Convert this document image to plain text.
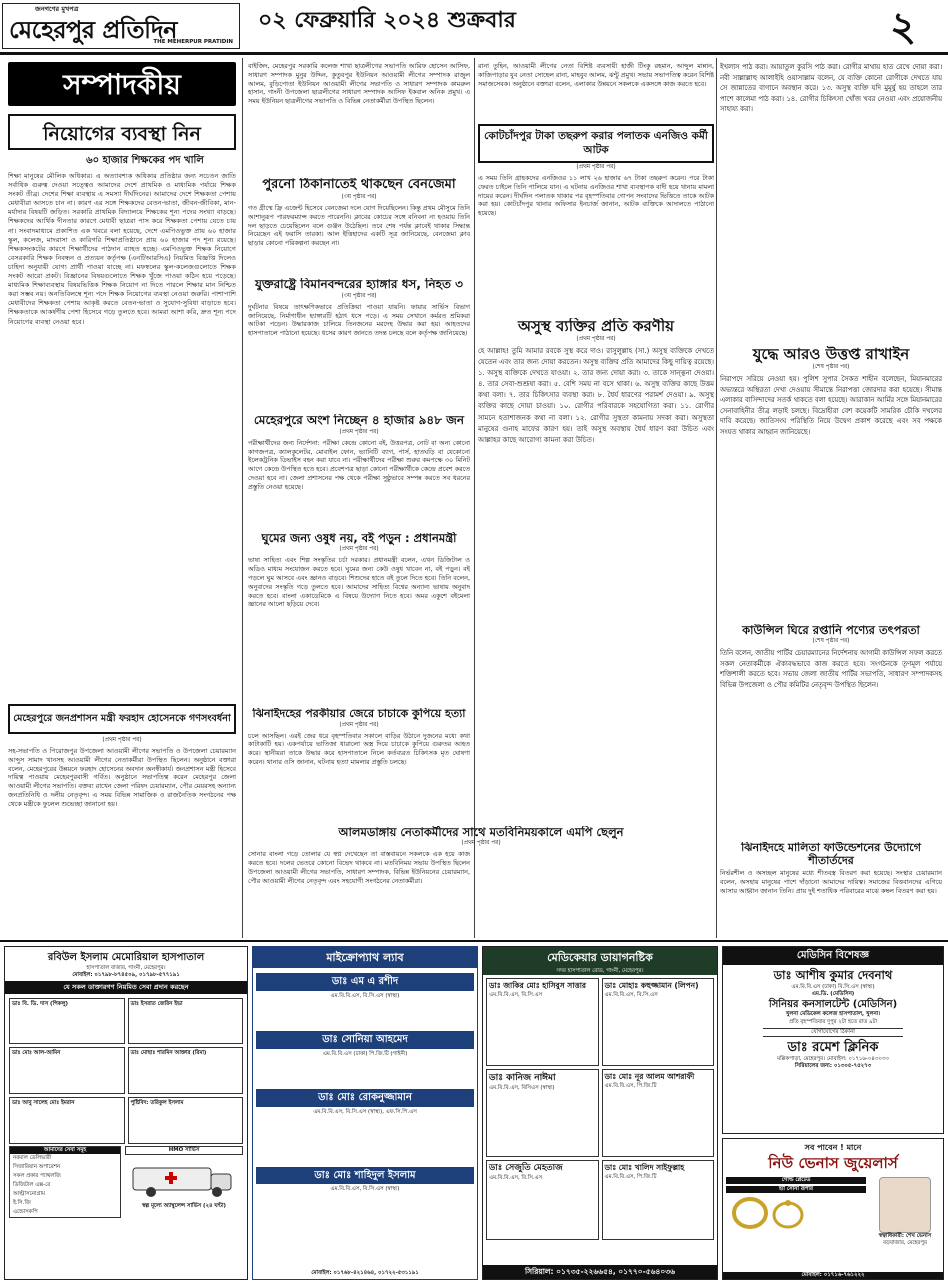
জনগণের মুখপত্র
মেহেরপুর প্রতিদিন
THE MEHERPUR PRATIDIN
০২ ফেব্রুয়ারি ২০২৪ শুক্রবার	২
সম্পাদকীয়
নিয়োগের ব্যবস্থা নিন
৬০ হাজার শিক্ষকের পদ খালি
শিক্ষা মানুষের মৌলিক অধিকার। এ অত্যাবশ্যক অধিকার প্রতিষ্ঠার জন্য সচেতন জাতি সর্বাধিক গুরুত্ব দেওয়া সত্ত্বেও আমাদের দেশে প্রাথমিক ও মাধ্যমিক পর্যায়ে শিক্ষক সংকট তীব্র। দেশের শিক্ষা ব্যবস্থায় এ সমস্যা দীর্ঘদিনের। আমাদের দেশে শিক্ষকতা পেশায় মেধাবীরা আসতে চান না। কারণ এর সঙ্গে শিক্ষকদের বেতন-ভাতা, জীবন-জীবিকা, মান-মর্যাদার বিষয়টি জড়িত। সরকারি প্রাথমিক বিদ্যালয়ে শিক্ষকের শূন্য পদের সংখ্যা বাড়ছে। শিক্ষকদের আর্থিক দীনতার কারণে মেধাবী ছাত্ররা পাস করে শিক্ষকতা পেশায় যেতে চায় না। সংবাদমাধ্যমে প্রকাশিত এক খবরে বলা হয়েছে, দেশে এমপিওভুক্ত প্রায় ৬০ হাজার স্কুল, কলেজ, মাদরাসা ও কারিগরি শিক্ষাপ্রতিষ্ঠানে প্রায় ৬০ হাজার পদ শূন্য রয়েছে। শিক্ষকসংকটের কারণে শিক্ষার্থীদের পাঠদান ব্যাহত হচ্ছে। এমপিওভুক্ত শিক্ষক নিয়োগে বেসরকারি শিক্ষক নিবন্ধন ও প্রত্যয়ন কর্তৃপক্ষ (এনটিআরসিএ) নিয়মিত বিজ্ঞপ্তি দিলেও চাহিদা অনুযায়ী যোগ্য প্রার্থী পাওয়া যাচ্ছে না। মফস্বলের স্কুল-কলেজগুলোতে শিক্ষক সংকট আরো প্রকট। বিজ্ঞানের বিষয়গুলোতে শিক্ষক খুঁজে পাওয়া কঠিন হয়ে পড়েছে। মাধ্যমিক শিক্ষাব্যবস্থায় বিষয়ভিত্তিক শিক্ষক নিয়োগ না দিতে পারলে শিক্ষার মান নিশ্চিত করা সম্ভব নয়। অনতিবিলম্বে শূন্য পদে শিক্ষক নিয়োগের ব্যবস্থা নেওয়া জরুরি। পাশাপাশি মেধাবীদের শিক্ষকতা পেশায় আকৃষ্ট করতে বেতন-ভাতা ও সুযোগ-সুবিধা বাড়াতে হবে। শিক্ষকতাকে আকর্ষণীয় পেশা হিসেবে গড়ে তুলতে হবে। আমরা আশা করি, দ্রুত শূন্য পদে নিয়োগের ব্যবস্থা নেওয়া হবে।
মেহেরপুরে জনপ্রশাসন মন্ত্রী ফরহাদ হোসেনকে গণসংবর্ধনা
(প্রথম পৃষ্ঠার পর)
সহ-সভাপতি ও পিরোজপুর উপজেলা আওয়ামী লীগের সভাপতি ও উপজেলা চেয়ারম্যান আব্দুস সামাদ খানসহ আওয়ামী লীগের নেতাকর্মীরা উপস্থিত ছিলেন। অনুষ্ঠানে বক্তারা বলেন, মেহেরপুরের উন্নয়নে ফরহাদ হোসেনের অবদান অনস্বীকার্য। জনপ্রশাসন মন্ত্রী হিসেবে দায়িত্ব পাওয়ায় মেহেরপুরবাসী গর্বিত। অনুষ্ঠানে সভাপতিত্ব করেন মেহেরপুর জেলা আওয়ামী লীগের সভাপতি। বক্তব্য রাখেন জেলা পরিষদ চেয়ারম্যান, পৌর মেয়রসহ অন্যান্য জনপ্রতিনিধি ও দলীয় নেতৃবৃন্দ। এ সময় বিভিন্ন সামাজিক ও রাজনৈতিক সংগঠনের পক্ষ থেকে মন্ত্রীকে ফুলেল শুভেচ্ছা জানানো হয়।
বাইজিদ, মেহেরপুর সরকারি কলেজ শাখা ছাত্রলীগের সভাপতি আরিফ হোসেন আসিফ, সাধারণ সম্পাদক মুনুর উদ্দিন, কুতুবপুর ইউনিয়ন আওয়ামী লীগের সম্পাদক রাজুল আলম, বুড়িপোতা ইউনিয়ন আওয়ামী লীগের সভাপতি ও সাধারণ সম্পাদক কামরুল হাসান, গাংনী উপজেলা ছাত্রলীগের সাধারণ সম্পাদক আসিফ ইকবাল অনিক প্রমুখ। এ সময় ইউনিয়ন ছাত্রলীগের সভাপতি ও বিভিন্ন নেতাকর্মীরা উপস্থিত ছিলেন।
পুরনো ঠিকানাতেই থাকছেন বেনজেমা
(৩য় পৃষ্ঠার পর)
গত গ্রীষ্মে ফ্রি এজেন্ট হিসেবে বেনজেমা দলে যোগ দিয়েছিলেন। কিন্তু প্রথম মৌসুমে তিনি আশানুরূপ পারফরম্যান্স করতে পারেননি। ক্লাবের কোচের সঙ্গে বনিবনা না হওয়ায় তিনি দল ছাড়তে চেয়েছিলেন বলে গুঞ্জন উঠেছিল। তবে শেষ পর্যন্ত ক্লাবেই থাকার সিদ্ধান্ত নিয়েছেন এই ফরাসি তারকা। আল ইত্তিহাদের একটি সূত্র জানিয়েছে, বেনজেমা ক্লাব ছাড়ার কোনো পরিকল্পনা করছেন না।
যুক্তরাষ্ট্রে বিমানবন্দরের হ্যাঙ্গার ধস, নিহত ৩
(৩য় পৃষ্ঠার পর)
দুর্ঘটনার বিষয়ে তাৎক্ষণিকভাবে প্রতিক্রিয়া পাওয়া যায়নি। ফায়ার সার্ভিস বিভাগ জানিয়েছে, নির্মাণাধীন হ্যাঙ্গারটি হঠাৎ ধসে পড়ে। এ সময় সেখানে কর্মরত শ্রমিকরা আটকা পড়েন। উদ্ধারকাজ চালিয়ে তিনজনের মরদেহ উদ্ধার করা হয়। আহতদের হাসপাতালে পাঠানো হয়েছে। ধসের কারণ জানতে তদন্ত চলছে বলে কর্তৃপক্ষ জানিয়েছে।
মেহেরপুরে অংশ নিচ্ছেন ৪ হাজার ৯৪৮ জন
(প্রথম পৃষ্ঠার পর)
পরীক্ষার্থীদের জন্য নির্দেশনা: পরীক্ষা কেন্দ্রে কোনো বই, উত্তরপত্র, নোট বা অন্য কোনো কাগজপত্র, ক্যালকুলেটর, মোবাইল ফোন, ভ্যানিটি ব্যাগ, পার্স, হাতঘড়ি বা যেকোনো ইলেকট্রনিক ডিভাইস বহন করা যাবে না। পরীক্ষার্থীদের পরীক্ষা শুরুর কমপক্ষে ৩০ মিনিট আগে কেন্দ্রে উপস্থিত হতে হবে। প্রবেশপত্র ছাড়া কোনো পরীক্ষার্থীকে কেন্দ্রে প্রবেশ করতে দেওয়া হবে না। জেলা প্রশাসনের পক্ষ থেকে পরীক্ষা সুষ্ঠুভাবে সম্পন্ন করতে সব ধরনের প্রস্তুতি নেওয়া হয়েছে।
ঘুমের জন্য ওষুধ নয়, বই পড়ুন : প্রধানমন্ত্রী
(প্রথম পৃষ্ঠার পর)
ভাষা সাহিত্য এবং শিল্প সংস্কৃতির চর্চা দরকার। প্রধানমন্ত্রী বলেন, এখন ডিজিটাল ও অডিও মাধ্যম সংযোজন করতে হবে। ঘুমের জন্য কেউ ওষুধ খাবেন না, বই পড়ুন। বই পড়লে ঘুম আসবে এবং জ্ঞানও বাড়বে। শিশুদের হাতে বই তুলে দিতে হবে। তিনি বলেন, অনুবাদের সংস্কৃতি গড়ে তুলতে হবে। আমাদের সাহিত্য বিশ্বের অন্যান্য ভাষায় অনুবাদ করতে হবে। বাংলা একাডেমিকে এ বিষয়ে উদ্যোগ নিতে হবে। অমর একুশে বইমেলা জ্ঞানের আলো ছড়িয়ে দেবে।
ঝিনাইদহের পরকীয়ার জেরে চাচাকে কুপিয়ে হত্যা
(প্রথম পৃষ্ঠার পর)
চলে আসছিল। এরই জের ধরে বৃহস্পতিবার সকালে বাড়ির উঠানে দুজনের মধ্যে কথা কাটাকাটি হয়। একপর্যায়ে ভাতিজা ধারালো অস্ত্র দিয়ে চাচাকে কুপিয়ে গুরুতর আহত করে। স্থানীয়রা তাকে উদ্ধার করে হাসপাতালে নিলে কর্তব্যরত চিকিৎসক মৃত ঘোষণা করেন। থানার ওসি জানান, ঘটনায় হত্যা মামলার প্রস্তুতি চলছে।
আলমডাঙ্গায় নেতাকর্মীদের সাথে মতবিনিময়কালে এমপি ছেলুন
(প্রথম পৃষ্ঠার পর)
সোনার বাংলা গড়ে তোলার যে স্বপ্ন দেখেছেন তা বাস্তবায়নে সকলকে এক হয়ে কাজ করতে হবে। দলের ভেতরে কোনো বিভেদ থাকবে না। মতবিনিময় সভায় উপস্থিত ছিলেন উপজেলা আওয়ামী লীগের সভাপতি, সাধারণ সম্পাদক, বিভিন্ন ইউনিয়নের চেয়ারম্যান, পৌর আওয়ামী লীগের নেতৃবৃন্দ এবং সহযোগী সংগঠনের নেতাকর্মীরা।
রানা তুহিন, আওয়ামী লীগের নেতা বিশিষ্ট ব্যবসায়ী হাজী টিংকু রহমান, আব্দুল মান্নান, কাজিপাড়ার যুব নেতা সোহেল রানা, মাহবুব আলম, ঝন্টু প্রমুখ। সভায় সভাপতিত্ব করেন বিশিষ্ট সমাজসেবক। অনুষ্ঠানে বক্তারা বলেন, এলাকার উন্নয়নে সকলকে একসঙ্গে কাজ করতে হবে।
কোটচাঁদপুর টাকা তছরুপ করার পলাতক এনজিও কর্মী আটক
(প্রথম পৃষ্ঠার পর)
এ সময় তিনি গ্রাহকদের এনজিওর ১১ লাখ ২৬ হাজার ৬৭ টাকা তছরুপ করেন। পরে টাকা ফেরত চাইলে তিনি পালিয়ে যান। এ ঘটনায় এনজিওর শাখা ব্যবস্থাপক বাদী হয়ে থানায় মামলা দায়ের করেন। দীর্ঘদিন পলাতক থাকার পর বৃহস্পতিবার গোপন সংবাদের ভিত্তিতে তাকে আটক করা হয়। কোটচাঁদপুর থানার অফিসার ইনচার্জ জানান, আটক ব্যক্তিকে আদালতে পাঠানো হয়েছে।
অসুস্থ ব্যক্তির প্রতি করণীয়
(প্রথম পৃষ্ঠার পর)
হে আল্লাহ! তুমি আমার রবকে সুস্থ করে দাও। রাসুলুল্লাহ (সা.) অসুস্থ ব্যক্তিকে দেখতে যেতেন এবং তার জন্য দোয়া করতেন। অসুস্থ ব্যক্তির প্রতি আমাদের কিছু দায়িত্ব রয়েছে। ১. অসুস্থ ব্যক্তিকে দেখতে যাওয়া। ২. তার জন্য দোয়া করা। ৩. তাকে সান্ত্বনা দেওয়া। ৪. তার সেবা-শুশ্রূষা করা। ৫. বেশি সময় না বসে থাকা। ৬. অসুস্থ ব্যক্তির কাছে উত্তম কথা বলা। ৭. তার চিকিৎসার ব্যবস্থা করা। ৮. ধৈর্য ধারণের পরামর্শ দেওয়া। ৯. অসুস্থ ব্যক্তির কাছে দোয়া চাওয়া। ১০. রোগীর পরিবারকে সহযোগিতা করা। ১১. রোগীর সামনে হতাশাজনক কথা না বলা। ১২. রোগীর সুস্থতা কামনায় সদকা করা। অসুস্থতা মানুষের গুনাহ মাফের কারণ হয়। তাই অসুস্থ অবস্থায় ধৈর্য ধারণ করা উচিত এবং আল্লাহর কাছে আরোগ্য কামনা করা উচিত।
ইখলাস পাঠ করা। আয়াতুল কুরসি পাঠ করা। রোগীর মাথায় হাত রেখে দোয়া করা। নবী সাল্লাল্লাহু আলাইহি ওয়াসাল্লাম বলেন, যে ব্যক্তি কোনো রোগীকে দেখতে যায় সে জান্নাতের বাগানে অবস্থান করে। ১৩. অসুস্থ ব্যক্তি যদি মুমূর্ষু হয় তাহলে তার পাশে কালেমা পাঠ করা। ১৪. রোগীর চিকিৎসা খোঁজ খবর নেওয়া এবং প্রয়োজনীয় সাহায্য করা।
যুদ্ধে আরও উত্তপ্ত রাখাইন
(শেষ পৃষ্ঠার পর)
নিরাপদে সরিয়ে নেওয়া হয়। পুলিশ সুপার সৈকত শাহীন বলেছেন, মিয়ানমারের অভ্যন্তরে অস্থিরতা দেখা দেওয়ায় সীমান্তে নিরাপত্তা জোরদার করা হয়েছে। সীমান্ত এলাকার বাসিন্দাদের সতর্ক থাকতে বলা হয়েছে। আরাকান আর্মির সঙ্গে মিয়ানমারের সেনাবাহিনীর তীব্র লড়াই চলছে। বিদ্রোহীরা বেশ কয়েকটি সামরিক চৌকি দখলের দাবি করেছে। জাতিসংঘ পরিস্থিতি নিয়ে উদ্বেগ প্রকাশ করেছে এবং সব পক্ষকে সংযত থাকার আহ্বান জানিয়েছে।
কাউন্সিল ঘিরে রপ্তানি পণ্যের তৎপরতা
(শেষ পৃষ্ঠার পর)
তিনি বলেন, জাতীয় পার্টির চেয়ারম্যানের নির্দেশনায় আগামী কাউন্সিল সফল করতে সকল নেতাকর্মীকে ঐক্যবদ্ধভাবে কাজ করতে হবে। সংগঠনকে তৃণমূল পর্যায়ে শক্তিশালী করতে হবে। সভায় জেলা জাতীয় পার্টির সভাপতি, সাধারণ সম্পাদকসহ বিভিন্ন উপজেলা ও পৌর কমিটির নেতৃবৃন্দ উপস্থিত ছিলেন।
ঝিনাইদহে মালিতা ফাউন্ডেশনের উদ্যোগে শীতার্তদের
নির্ভরশীল ও অসচ্ছল মানুষের মধ্যে শীতবস্ত্র বিতরণ করা হয়েছে। সংস্থার চেয়ারম্যান বলেন, অসহায় মানুষের পাশে দাঁড়ানো আমাদের দায়িত্ব। সমাজের বিত্তবানদের এগিয়ে আসার আহ্বান জানান তিনি। প্রায় দুই শতাধিক পরিবারের মাঝে কম্বল বিতরণ করা হয়।
রবিউল ইসলাম মেমোরিয়াল হাসপাতাল
হাসপাতাল বাজার, গাংনী, মেহেরপুর।
মোবাইল: ০১৭৯৮-৮৭৪৫০৯, ০১৭৯৮-৫৭৭১৯১
যে সকল ডাক্তারগণ নিয়মিত সেবা প্রদান করছেন
ডাঃ বি. ডি. দাস (পিকলু)	ডাঃ ইসরাত জেরিন ইভা
ডাঃ মোঃ আল-আমিন	ডাঃ মোছাঃ শারমিন আক্তার (রিমা)
ডাঃ আবু সালেহ মোঃ ইমরান	পুষ্টিবিদ: তরিকুল ইসলাম
আমাদের সেবা সমূহ
নরমাল ডেলিভারী
সিজারিয়ান অপারেশন
সকল প্রকার প্যাথলজি
ডিজিটাল এক্স-রে
আল্ট্রাসনোগ্রাম
ই.সি.জি
এন্ডোসকপি
HMO সার্ভিস
স্বল্প মূল্যে অ্যাম্বুলেন্স সার্ভিস (২৪ ঘন্টা)
মাইক্রোপ্যাথ ল্যাব
ডাঃ এম এ রশীদ
এম.বি.বি.এস, বি.সি.এস (স্বাস্থ্য)
ডাঃ সোনিয়া আহমেদ
এম.বি.বি.এস (ঢাকা) পি.জি.টি (গাইনী)
ডাঃ মোঃ রোকনুজ্জামান
এম.বি.বি.এস, বি.সি.এস (স্বাস্থ্য), এফ.সি.পি.এস
ডাঃ মোঃ শাহিদুল ইসলাম
এম.বি.বি.এস, বি.সি.এস (স্বাস্থ্য)
মোবাইল: ০১৭৬৮-৪২১৪৬৪, ০১৭২২-৫৩১১৯১
মেডিকেয়ার ডায়াগনষ্টিক
সদর হাসপাতাল রোড, গাংনী, মেহেরপুর।
ডাঃ জাকির মোঃ হাসিবুস সাত্তার
এম.বি.বি.এস, বি.সি.এস
ডাঃ মোহাঃ কহুজ্জামান (লিপন)
এম.বি.বি.এস, বি.সি.এস
ডাঃ কানিজ নাঈমা
এম.বি.বি.এস, বিসিএস (স্বাস্থ্য)
ডাঃ মোঃ নূর আলম আশরাফী
এম.বি.বি.এস, পি.জি.টি
ডাঃ সেজুতি মেহতাজ
এম.বি.বি.এস, বি.সি.এস
ডাঃ মোঃ খালিদ সাইফুল্লাহ
এম.বি.বি.এস, পি.জি.টি
সিরিয়াল: ০১৭৩৫-২২৬৬৫৪, ০১৭৭০-৫৬৪০৩৬
মেডিসিন বিশেষজ্ঞ
ডাঃ আশীষ কুমার দেবনাথ
এম.বি.বি.এস (ঢাকা) বি.সি.এস (স্বাস্থ্য)
এম.ডি. (মেডিসিন)
সিনিয়র কনসালটেন্ট (মেডিসিন)
খুলনা মেডিকেল কলেজ হাসপাতাল, খুলনা।
প্রতি বৃহস্পতিবার দুপুর ২টা হতে রাত ৯টা
যোগাযোগের ঠিকানা
ডাঃ রমেশ ক্লিনিক
মল্লিকপাড়া, মেহেরপুর। মোবাইল: ০১৭১৬-০৪৩০৩৩
সিরিয়ালের জন্য: ০১৩০৫-৭৫২৭৩
সব পাবেন ! মানে
নিউ ভেনাস জুয়েলার্স
গোল্ড প্লেটেড
হ্যাঁ সোনা রূপার
স্বত্বাধিকারী: শেখ ভেনাস
বড়বাজার, মেহেরপুর
মোবাইল: ০১৭১৬-৭৬১২২২
